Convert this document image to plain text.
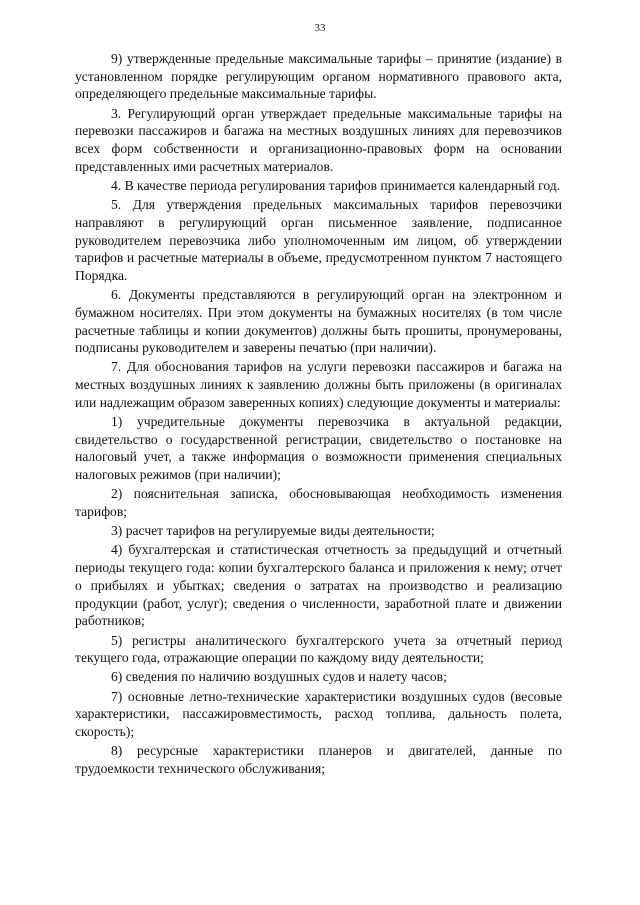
33

9) утвержденные предельные максимальные тарифы – принятие (издание) в установленном порядке регулирующим органом нормативного правового акта, определяющего предельные максимальные тарифы.

3. Регулирующий орган утверждает предельные максимальные тарифы на перевозки пассажиров и багажа на местных воздушных линиях для перевозчиков всех форм собственности и организационно-правовых форм на основании представленных ими расчетных материалов.

4. В качестве периода регулирования тарифов принимается календарный год.

5. Для утверждения предельных максимальных тарифов перевозчики направляют в регулирующий орган письменное заявление, подписанное руководителем перевозчика либо уполномоченным им лицом, об утверждении тарифов и расчетные материалы в объеме, предусмотренном пунктом 7 настоящего Порядка.

6. Документы представляются в регулирующий орган на электронном и бумажном носителях. При этом документы на бумажных носителях (в том числе расчетные таблицы и копии документов) должны быть прошиты, пронумерованы, подписаны руководителем и заверены печатью (при наличии).

7. Для обоснования тарифов на услуги перевозки пассажиров и багажа на местных воздушных линиях к заявлению должны быть приложены (в оригиналах или надлежащим образом заверенных копиях) следующие документы и материалы:

1) учредительные документы перевозчика в актуальной редакции, свидетельство о государственной регистрации, свидетельство о постановке на налоговый учет, а также информация о возможности применения специальных налоговых режимов (при наличии);

2) пояснительная записка, обосновывающая необходимость изменения тарифов;

3) расчет тарифов на регулируемые виды деятельности;

4) бухгалтерская и статистическая отчетность за предыдущий и отчетный периоды текущего года: копии бухгалтерского баланса и приложения к нему; отчет о прибылях и убытках; сведения о затратах на производство и реализацию продукции (работ, услуг); сведения о численности, заработной плате и движении работников;

5) регистры аналитического бухгалтерского учета за отчетный период текущего года, отражающие операции по каждому виду деятельности;

6) сведения по наличию воздушных судов и налету часов;

7) основные летно-технические характеристики воздушных судов (весовые характеристики, пассажировместимость, расход топлива, дальность полета, скорость);

8) ресурсные характеристики планеров и двигателей, данные по трудоемкости технического обслуживания;
